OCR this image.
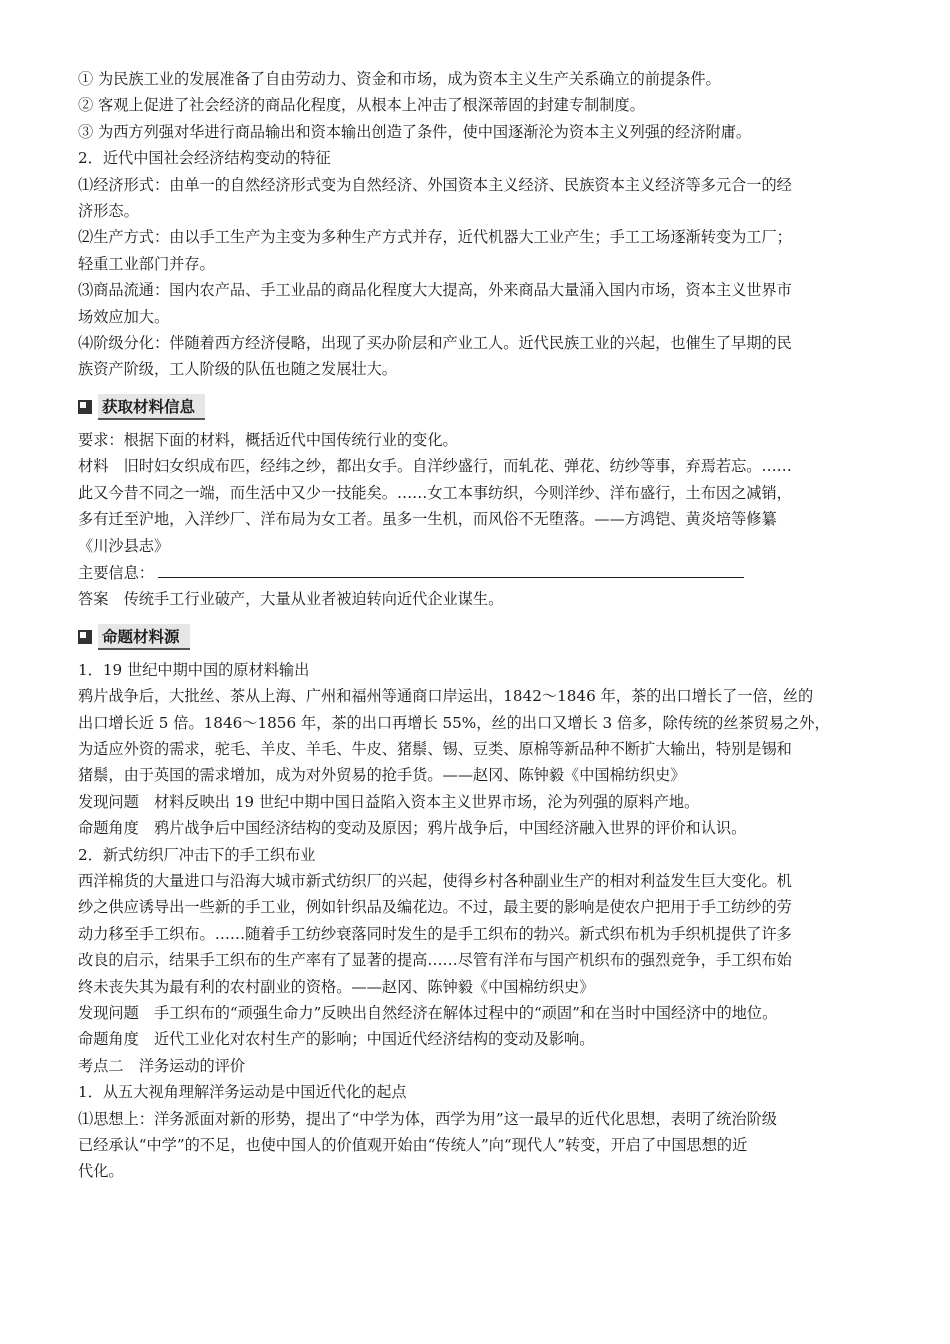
① 为民族工业的发展准备了自由劳动力、资金和市场，成为资本主义生产关系确立的前提条件。

② 客观上促进了社会经济的商品化程度，从根本上冲击了根深蒂固的封建专制制度。

③ 为西方列强对华进行商品输出和资本输出创造了条件，使中国逐渐沦为资本主义列强的经济附庸。

2．近代中国社会经济结构变动的特征

⑴经济形式：由单一的自然经济形式变为自然经济、外国资本主义经济、民族资本主义经济等多元合一的经

济形态。

⑵生产方式：由以手工生产为主变为多种生产方式并存，近代机器大工业产生；手工工场逐渐转变为工厂；

轻重工业部门并存。

⑶商品流通：国内农产品、手工业品的商品化程度大大提高，外来商品大量涌入国内市场，资本主义世界市

场效应加大。

⑷阶级分化：伴随着西方经济侵略，出现了买办阶层和产业工人。近代民族工业的兴起，也催生了早期的民

族资产阶级，工人阶级的队伍也随之发展壮大。

获取材料信息

要求：根据下面的材料，概括近代中国传统行业的变化。

材料　旧时妇女织成布匹，经纬之纱，都出女手。自洋纱盛行，而轧花、弹花、纺纱等事，弃焉若忘。……

此又今昔不同之一端，而生活中又少一技能矣。……女工本事纺织，今则洋纱、洋布盛行，土布因之减销，

多有迁至沪地，入洋纱厂、洋布局为女工者。虽多一生机，而风俗不无堕落。——方鸿铠、黄炎培等修纂

《川沙县志》

主要信息：

答案　传统手工行业破产，大量从业者被迫转向近代企业谋生。

命题材料源

1．19 世纪中期中国的原材料输出

鸦片战争后，大批丝、茶从上海、广州和福州等通商口岸运出，1842～1846 年，茶的出口增长了一倍，丝的

出口增长近 5 倍。1846～1856 年，茶的出口再增长 55%，丝的出口又增长 3 倍多，除传统的丝茶贸易之外，

为适应外资的需求，驼毛、羊皮、羊毛、牛皮、猪鬃、锡、豆类、原棉等新品种不断扩大输出，特别是锡和

猪鬃，由于英国的需求增加，成为对外贸易的抢手货。——赵冈、陈钟毅《中国棉纺织史》

发现问题　材料反映出 19 世纪中期中国日益陷入资本主义世界市场，沦为列强的原料产地。

命题角度　鸦片战争后中国经济结构的变动及原因；鸦片战争后，中国经济融入世界的评价和认识。

2．新式纺织厂冲击下的手工织布业

西洋棉货的大量进口与沿海大城市新式纺织厂的兴起，使得乡村各种副业生产的相对利益发生巨大变化。机

纱之供应诱导出一些新的手工业，例如针织品及编花边。不过，最主要的影响是使农户把用于手工纺纱的劳

动力移至手工织布。……随着手工纺纱衰落同时发生的是手工织布的勃兴。新式织布机为手织机提供了许多

改良的启示，结果手工织布的生产率有了显著的提高……尽管有洋布与国产机织布的强烈竞争，手工织布始

终未丧失其为最有利的农村副业的资格。——赵冈、陈钟毅《中国棉纺织史》

发现问题　手工织布的“顽强生命力”反映出自然经济在解体过程中的“顽固”和在当时中国经济中的地位。

命题角度　近代工业化对农村生产的影响；中国近代经济结构的变动及影响。

考点二　洋务运动的评价

1．从五大视角理解洋务运动是中国近代化的起点

⑴思想上：洋务派面对新的形势，提出了“中学为体，西学为用”这一最早的近代化思想，表明了统治阶级

已经承认“中学”的不足，也使中国人的价值观开始由“传统人”向“现代人”转变，开启了中国思想的近

代化。
